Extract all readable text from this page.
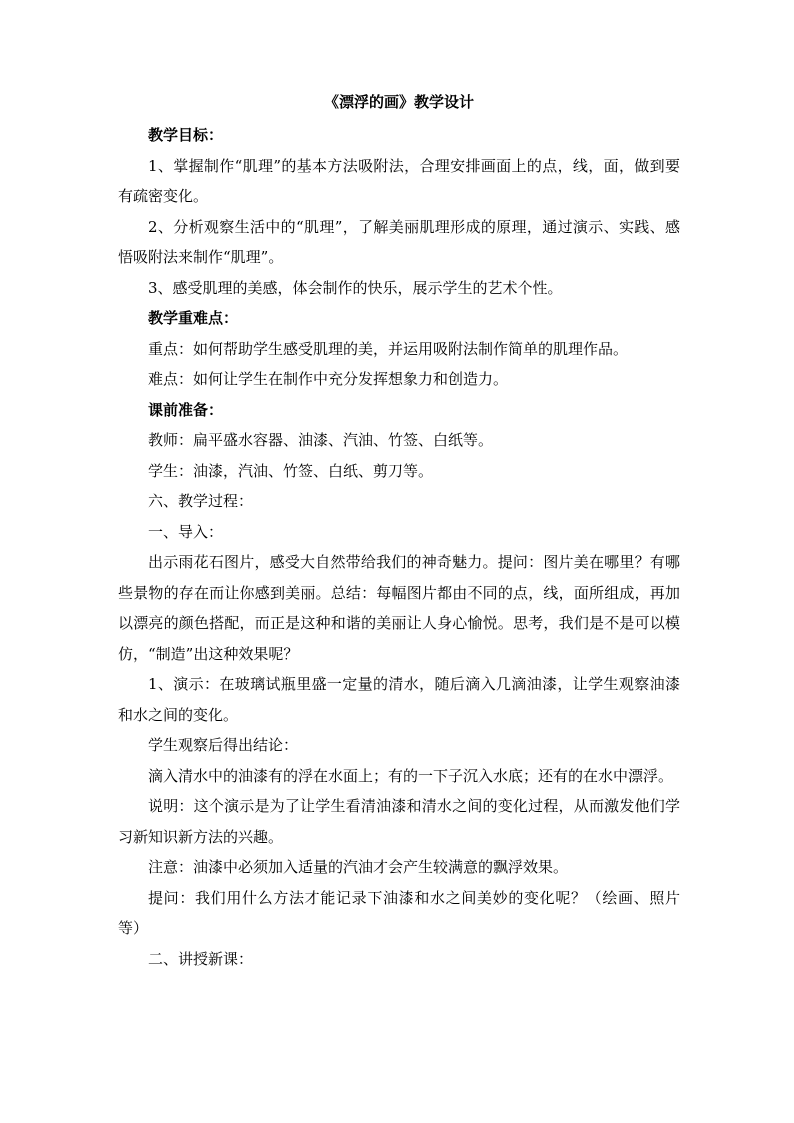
《漂浮的画》教学设计

教学目标：

1、掌握制作“肌理”的基本方法吸附法，合理安排画面上的点，线，面，做到要有疏密变化。

2、分析观察生活中的“肌理”，了解美丽肌理形成的原理，通过演示、实践、感悟吸附法来制作“肌理”。

3、感受肌理的美感，体会制作的快乐，展示学生的艺术个性。

教学重难点：

重点：如何帮助学生感受肌理的美，并运用吸附法制作简单的肌理作品。

难点：如何让学生在制作中充分发挥想象力和创造力。

课前准备：

教师：扁平盛水容器、油漆、汽油、竹签、白纸等。

学生：油漆，汽油、竹签、白纸、剪刀等。

六、教学过程：

一、导入：

出示雨花石图片，感受大自然带给我们的神奇魅力。提问：图片美在哪里？有哪些景物的存在而让你感到美丽。总结：每幅图片都由不同的点，线，面所组成，再加以漂亮的颜色搭配，而正是这种和谐的美丽让人身心愉悦。思考，我们是不是可以模仿，“制造”出这种效果呢？

1、演示：在玻璃试瓶里盛一定量的清水，随后滴入几滴油漆，让学生观察油漆和水之间的变化。

学生观察后得出结论：

滴入清水中的油漆有的浮在水面上；有的一下子沉入水底；还有的在水中漂浮。

说明：这个演示是为了让学生看清油漆和清水之间的变化过程，从而激发他们学习新知识新方法的兴趣。

注意：油漆中必须加入适量的汽油才会产生较满意的飘浮效果。

提问：我们用什么方法才能记录下油漆和水之间美妙的变化呢？（绘画、照片等）

二、讲授新课：
